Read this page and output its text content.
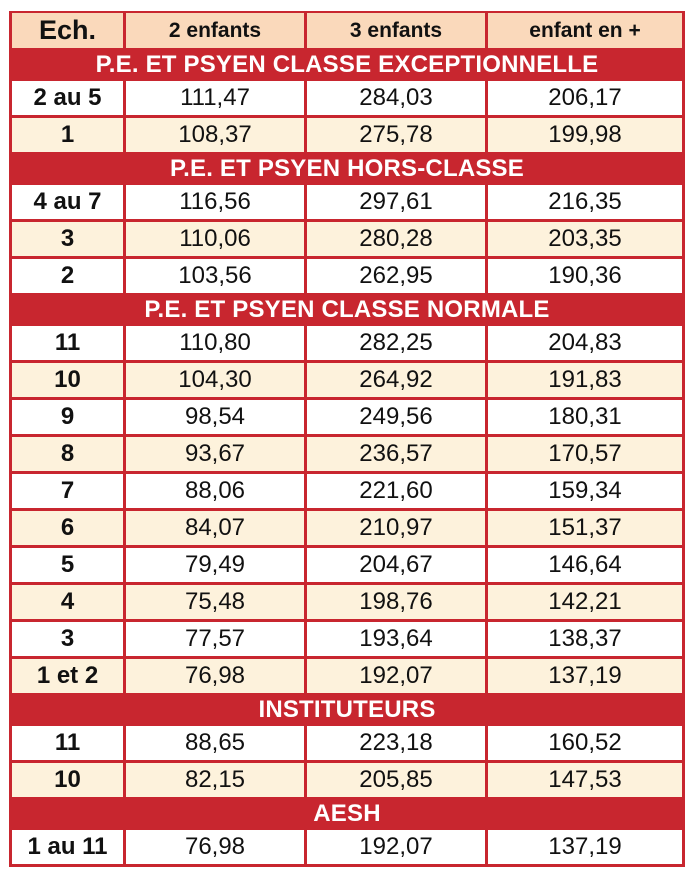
Ech.	2 enfants	3 enfants	enfant en +
P.E. ET PSYEN CLASSE EXCEPTIONNELLE
2 au 5	111,47	284,03	206,17
1	108,37	275,78	199,98
P.E. ET PSYEN HORS-CLASSE
4 au 7	116,56	297,61	216,35
3	110,06	280,28	203,35
2	103,56	262,95	190,36
P.E. ET PSYEN CLASSE NORMALE
11	110,80	282,25	204,83
10	104,30	264,92	191,83
9	98,54	249,56	180,31
8	93,67	236,57	170,57
7	88,06	221,60	159,34
6	84,07	210,97	151,37
5	79,49	204,67	146,64
4	75,48	198,76	142,21
3	77,57	193,64	138,37
1 et 2	76,98	192,07	137,19
INSTITUTEURS
11	88,65	223,18	160,52
10	82,15	205,85	147,53
AESH
1 au 11	76,98	192,07	137,19
